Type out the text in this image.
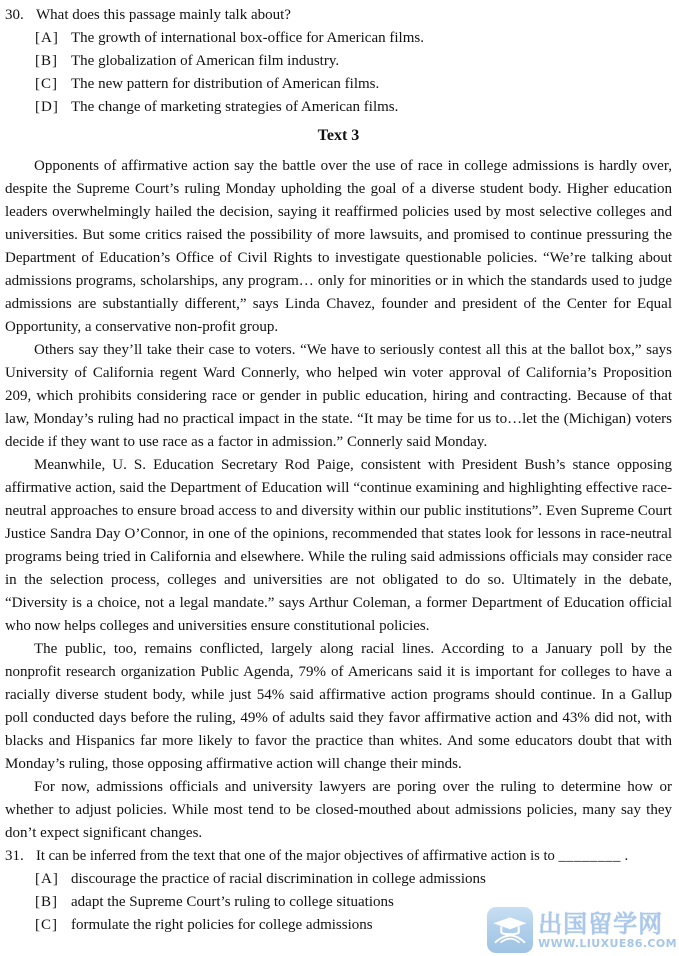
30. What does this passage mainly talk about?
[A] The growth of international box-office for American films.
[B] The globalization of American film industry.
[C] The new pattern for distribution of American films.
[D] The change of marketing strategies of American films.
Text 3

Opponents of affirmative action say the battle over the use of race in college admissions is hardly over, despite the Supreme Court’s ruling Monday upholding the goal of a diverse student body. Higher education leaders overwhelmingly hailed the decision, saying it reaffirmed policies used by most selective colleges and universities. But some critics raised the possibility of more lawsuits, and promised to continue pressuring the Department of Education’s Office of Civil Rights to investigate questionable policies. “We’re talking about admissions programs, scholarships, any program… only for minorities or in which the standards used to judge admissions are substantially different,” says Linda Chavez, founder and president of the Center for Equal Opportunity, a conservative non-profit group.

Others say they’ll take their case to voters. “We have to seriously contest all this at the ballot box,” says University of California regent Ward Connerly, who helped win voter approval of California’s Proposition 209, which prohibits considering race or gender in public education, hiring and contracting. Because of that law, Monday’s ruling had no practical impact in the state. “It may be time for us to…let the (Michigan) voters decide if they want to use race as a factor in admission.” Connerly said Monday.

Meanwhile, U. S. Education Secretary Rod Paige, consistent with President Bush’s stance opposing affirmative action, said the Department of Education will “continue examining and highlighting effective race-neutral approaches to ensure broad access to and diversity within our public institutions”. Even Supreme Court Justice Sandra Day O’Connor, in one of the opinions, recommended that states look for lessons in race-neutral programs being tried in California and elsewhere. While the ruling said admissions officials may consider race in the selection process, colleges and universities are not obligated to do so. Ultimately in the debate, “Diversity is a choice, not a legal mandate.” says Arthur Coleman, a former Department of Education official who now helps colleges and universities ensure constitutional policies.

The public, too, remains conflicted, largely along racial lines. According to a January poll by the nonprofit research organization Public Agenda, 79% of Americans said it is important for colleges to have a racially diverse student body, while just 54% said affirmative action programs should continue. In a Gallup poll conducted days before the ruling, 49% of adults said they favor affirmative action and 43% did not, with blacks and Hispanics far more likely to favor the practice than whites. And some educators doubt that with Monday’s ruling, those opposing affirmative action will change their minds.

For now, admissions officials and university lawyers are poring over the ruling to determine how or whether to adjust policies. While most tend to be closed-mouthed about admissions policies, many say they don’t expect significant changes.

31. It can be inferred from the text that one of the major objectives of affirmative action is to ________ .
[A] discourage the practice of racial discrimination in college admissions
[B] adapt the Supreme Court’s ruling to college situations
[C] formulate the right policies for college admissions	出国留学网
WWW.LIUXUE86.COM
